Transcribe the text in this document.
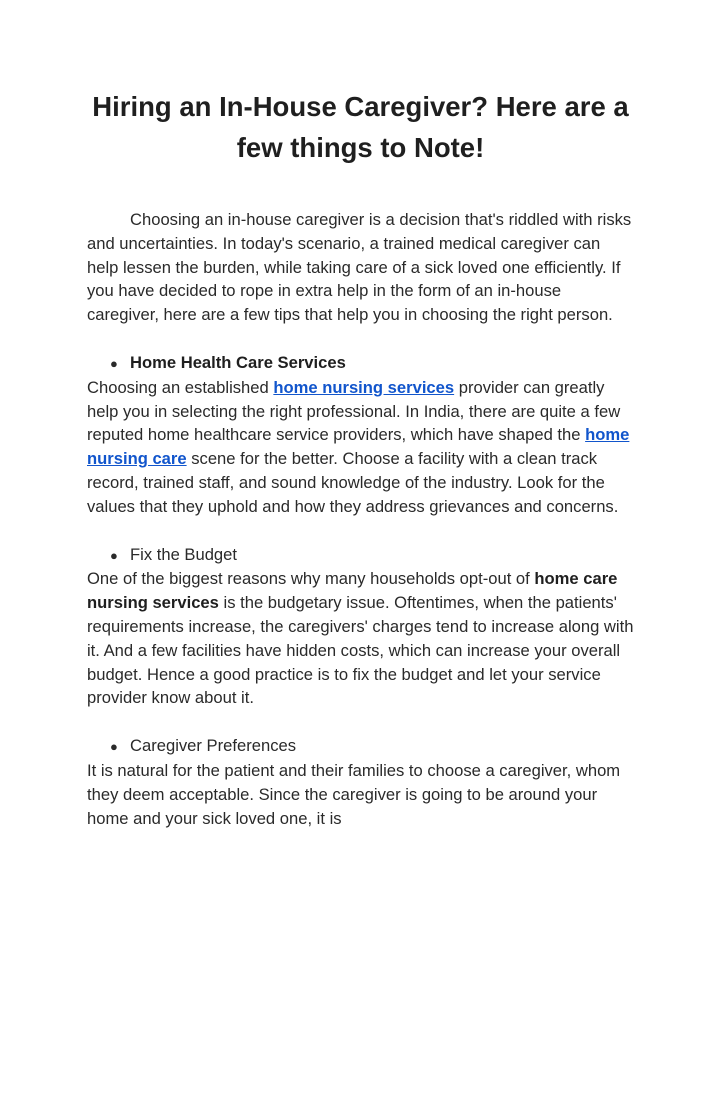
Hiring an In-House Caregiver? Here are a few things to Note!

Choosing an in-house caregiver is a decision that's riddled with risks and uncertainties. In today's scenario, a trained medical caregiver can help lessen the burden, while taking care of a sick loved one efficiently. If you have decided to rope in extra help in the form of an in-house caregiver, here are a few tips that help you in choosing the right person.

● Home Health Care Services

Choosing an established home nursing services provider can greatly help you in selecting the right professional. In India, there are quite a few reputed home healthcare service providers, which have shaped the home nursing care scene for the better. Choose a facility with a clean track record, trained staff, and sound knowledge of the industry. Look for the values that they uphold and how they address grievances and concerns.

● Fix the Budget

One of the biggest reasons why many households opt-out of home care nursing services is the budgetary issue. Oftentimes, when the patients' requirements increase, the caregivers' charges tend to increase along with it. And a few facilities have hidden costs, which can increase your overall budget. Hence a good practice is to fix the budget and let your service provider know about it.

● Caregiver Preferences

It is natural for the patient and their families to choose a caregiver, whom they deem acceptable. Since the caregiver is going to be around your home and your sick loved one, it is
